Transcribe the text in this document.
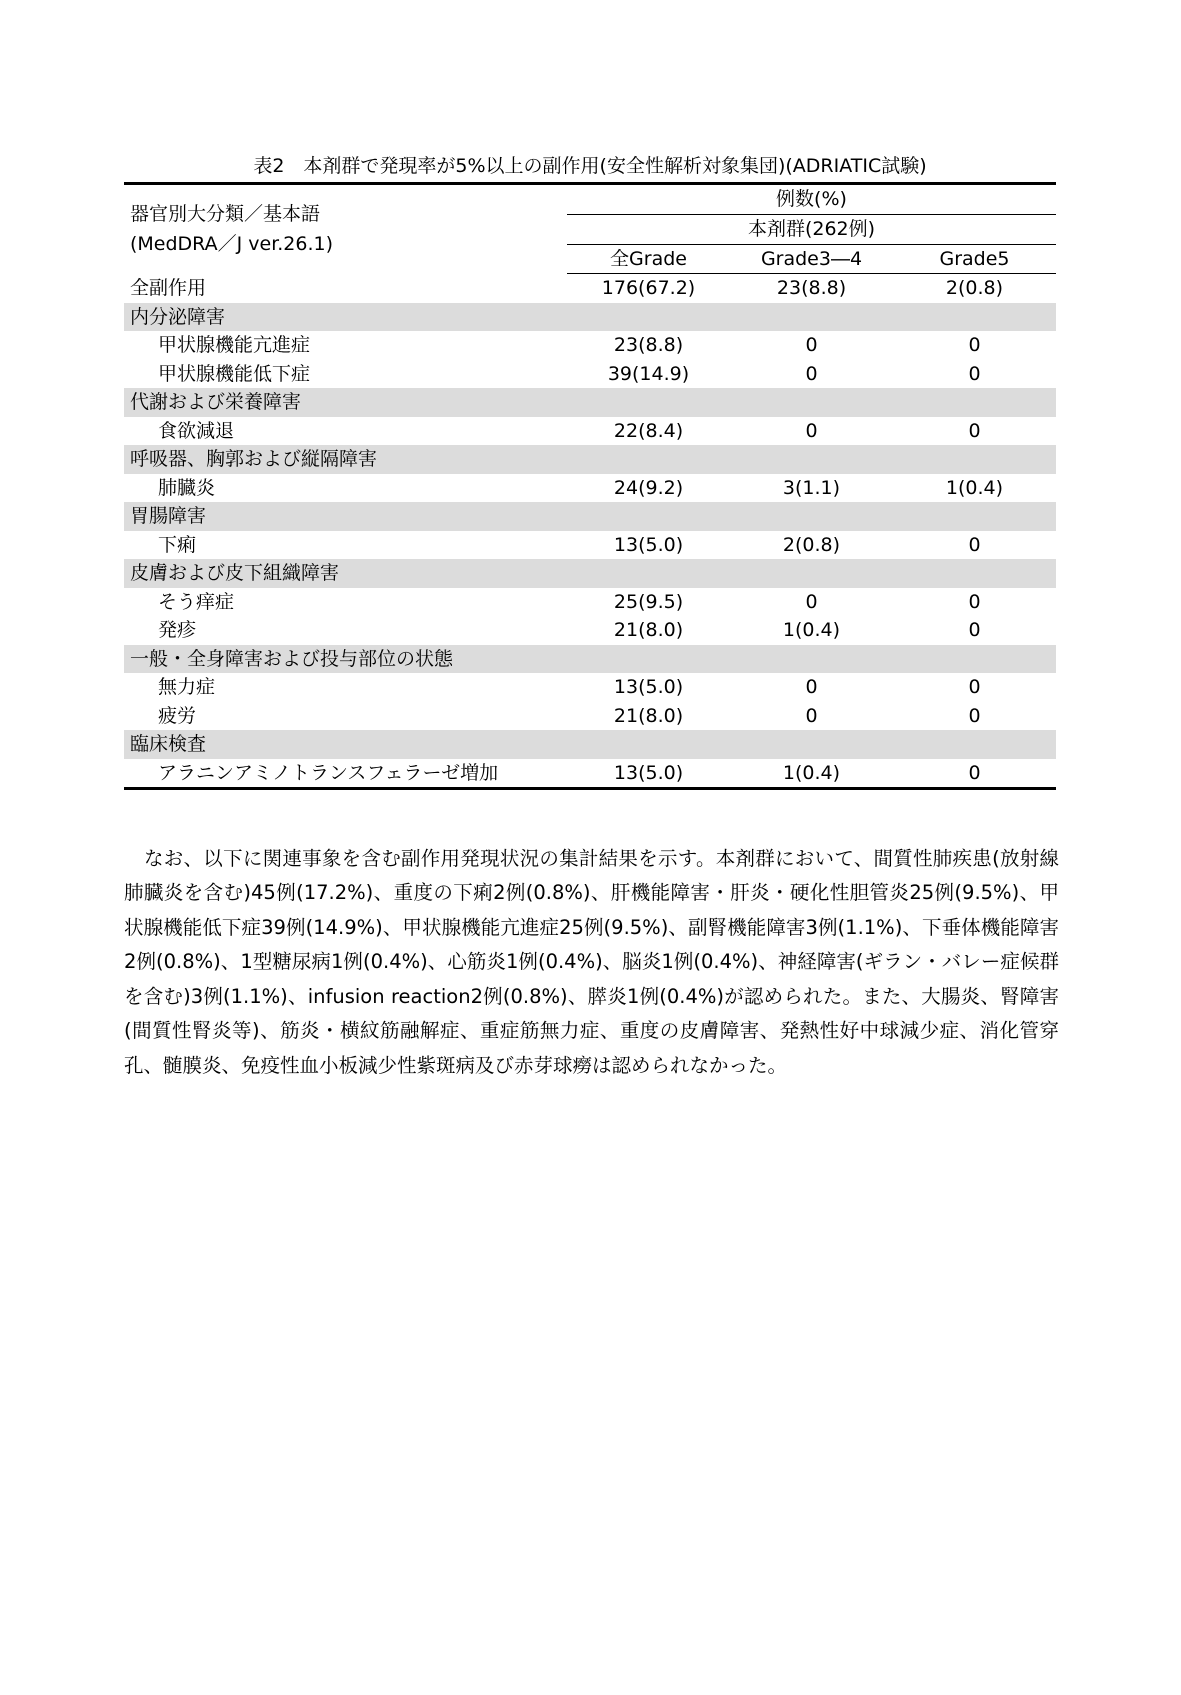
表2　本剤群で発現率が5%以上の副作用(安全性解析対象集団)(ADRIATIC試験)
器官別大分類／基本語
(MedDRA／J ver.26.1)	例数(%)		
	本剤群(262例)		
	全Grade	Grade3―4	Grade5
全副作用	176(67.2)	23(8.8)	2(0.8)
内分泌障害			
甲状腺機能亢進症	23(8.8)	0	0
甲状腺機能低下症	39(14.9)	0	0
代謝および栄養障害			
食欲減退	22(8.4)	0	0
呼吸器、胸郭および縦隔障害			
肺臓炎	24(9.2)	3(1.1)	1(0.4)
胃腸障害			
下痢	13(5.0)	2(0.8)	0
皮膚および皮下組織障害			
そう痒症	25(9.5)	0	0
発疹	21(8.0)	1(0.4)	0
一般・全身障害および投与部位の状態			
無力症	13(5.0)	0	0
疲労	21(8.0)	0	0
臨床検査			
アラニンアミノトランスフェラーゼ増加	13(5.0)	1(0.4)	0

なお、以下に関連事象を含む副作用発現状況の集計結果を示す。本剤群において、間質性肺疾患(放射線肺臓炎を含む)45例(17.2%)、重度の下痢2例(0.8%)、肝機能障害・肝炎・硬化性胆管炎25例(9.5%)、甲状腺機能低下症39例(14.9%)、甲状腺機能亢進症25例(9.5%)、副腎機能障害3例(1.1%)、下垂体機能障害2例(0.8%)、1型糖尿病1例(0.4%)、心筋炎1例(0.4%)、脳炎1例(0.4%)、神経障害(ギラン・バレー症候群を含む)3例(1.1%)、infusion reaction2例(0.8%)、膵炎1例(0.4%)が認められた。また、大腸炎、腎障害(間質性腎炎等)、筋炎・横紋筋融解症、重症筋無力症、重度の皮膚障害、発熱性好中球減少症、消化管穿孔、髄膜炎、免疫性血小板減少性紫斑病及び赤芽球癆は認められなかった。
